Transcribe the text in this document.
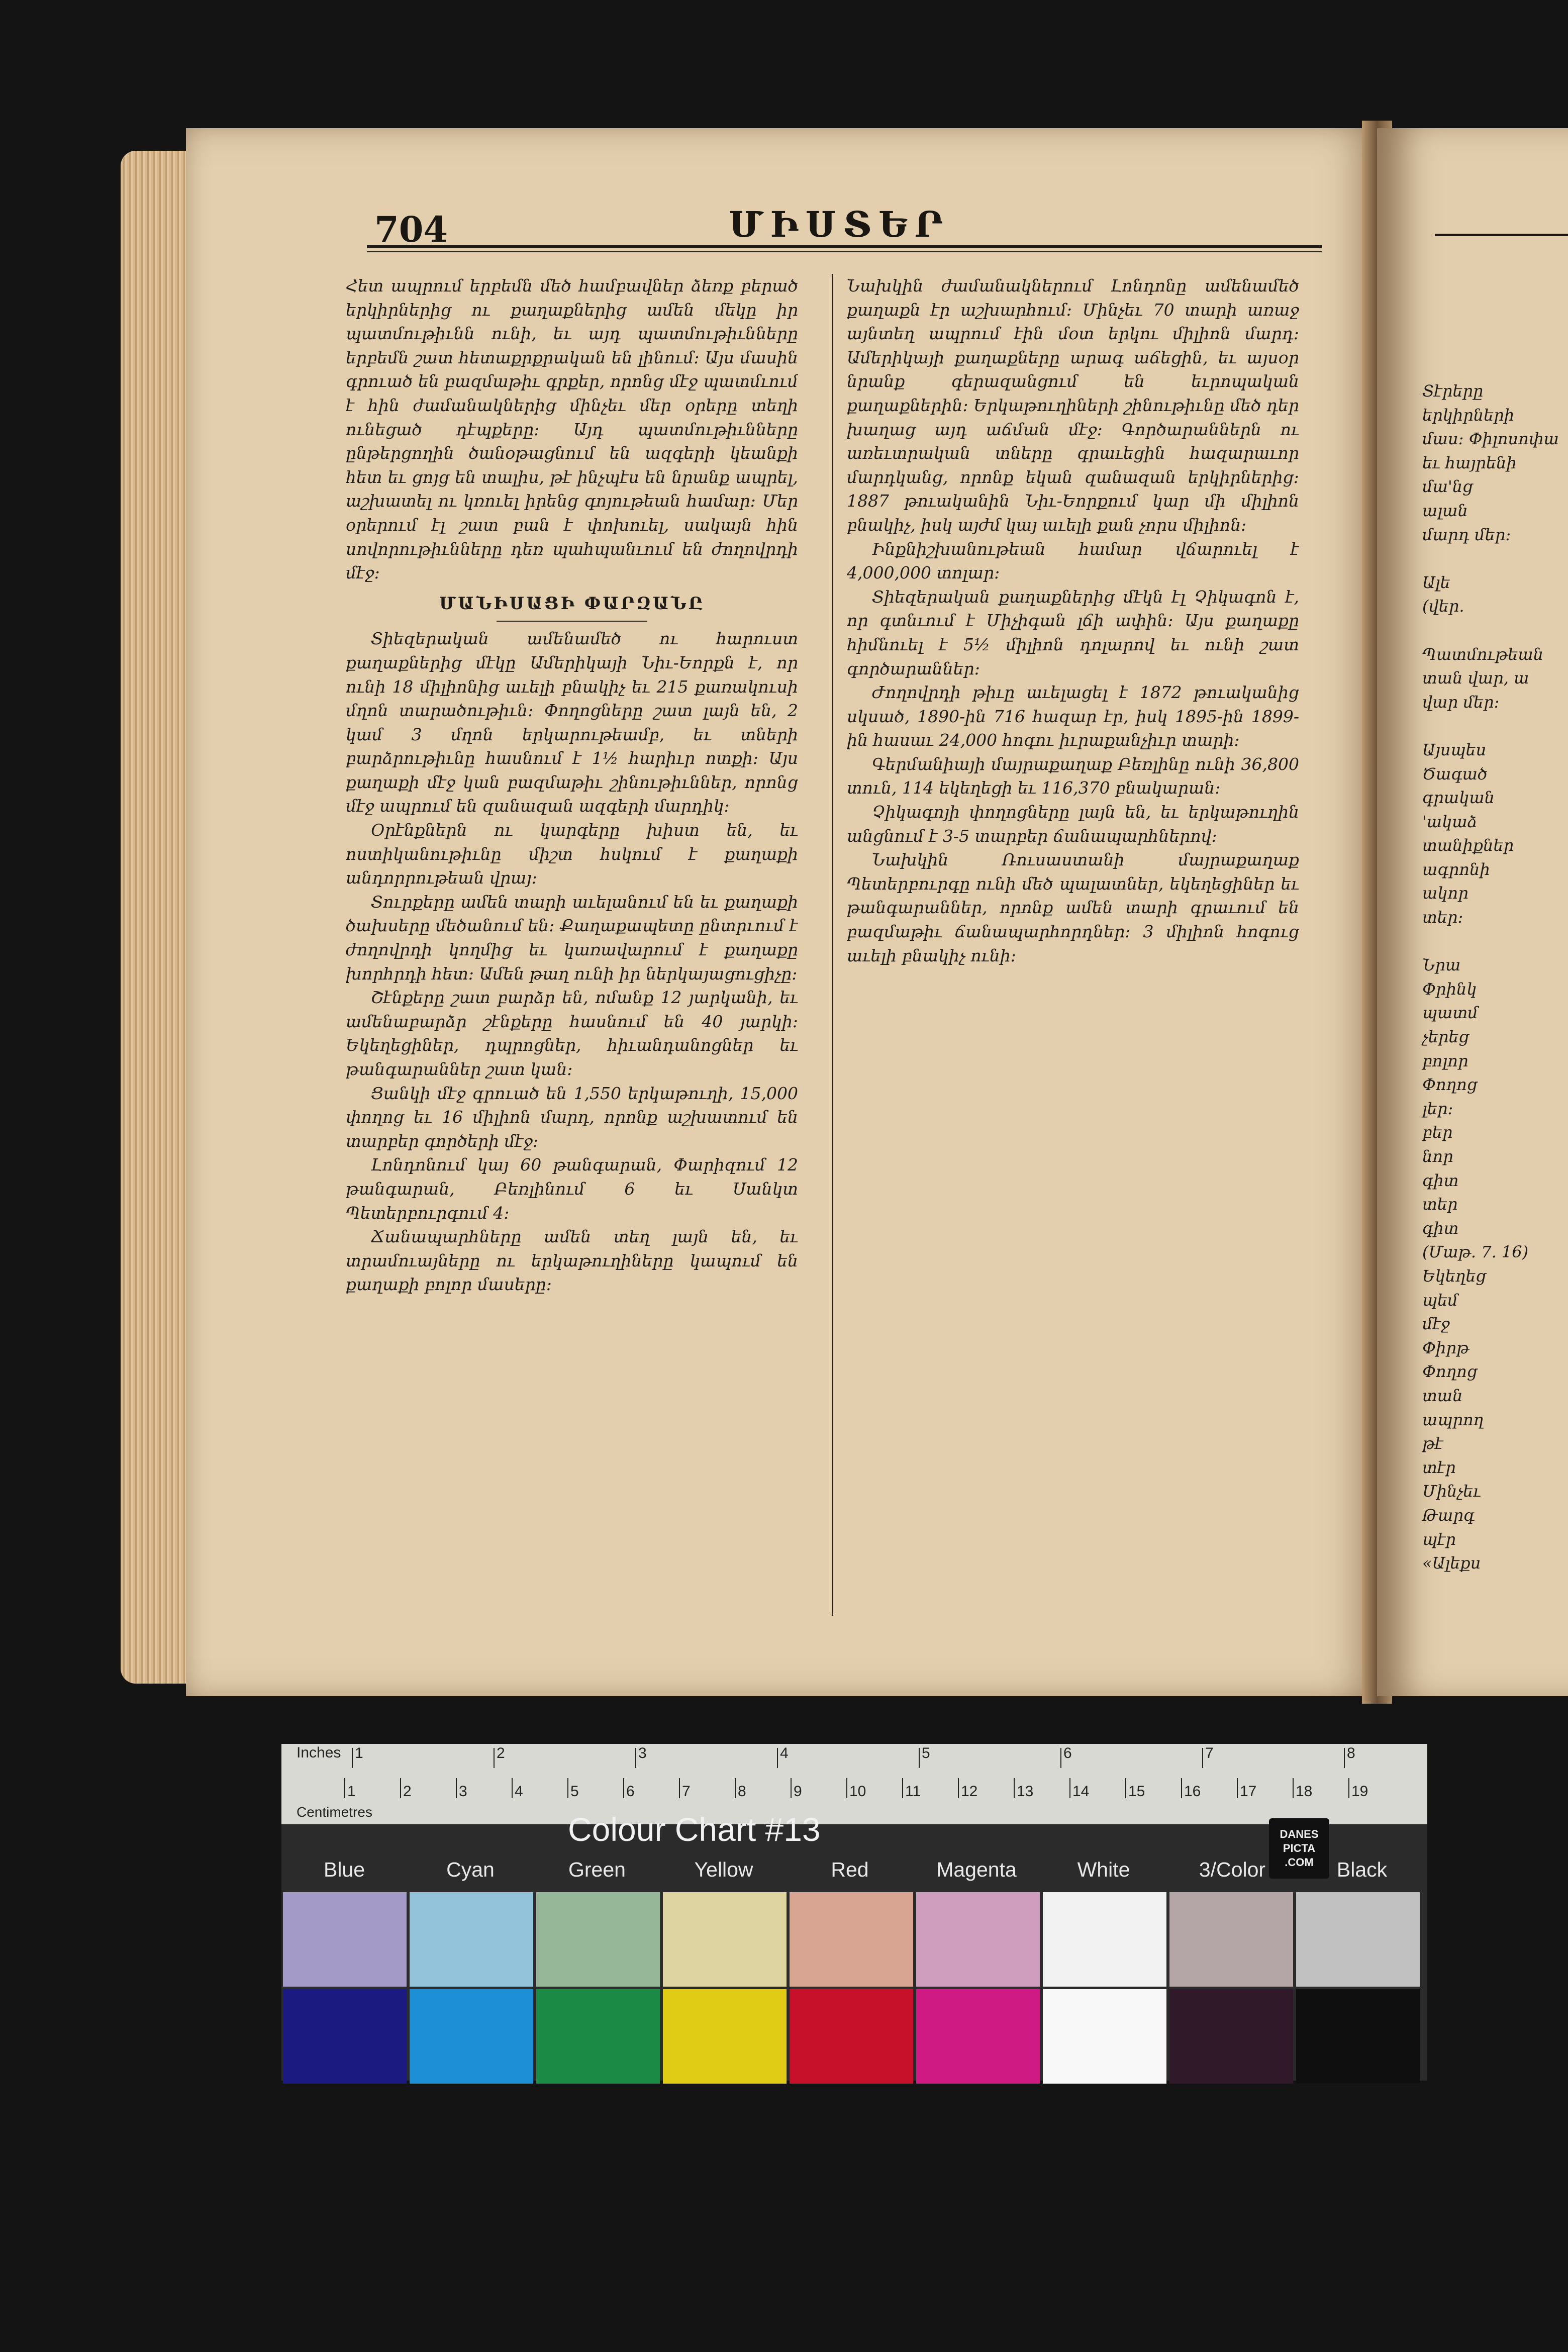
Տէրերը
երկիրների
մաս։ Փիլոսոփա
եւ հայրենի
մա'նց
ալան
մարդ մեր։

Ալե
(վեր.

Պատմութեան
տան վար, ա
վար մեր։

Այսպես
Ծագած
գրական
'ակաձ
տանիքներ
ագրոնի
ակոր
տեր։

Նրա
Փրինկ
պատմ
չերեց
բոլոր
Փողոց
լեր։
բեր
նոր
գիտ
տեր
գիտ
(Մաթ. 7. 16)
Եկեղեց
պեմ
մէջ
Փիրթ
Փողոց
տան
ապրող
թէ
տէր
Մինչեւ
Թարգ
պէր
«Ալեքս
704	ՄԻՍՏԵՐ

Հետ ապրում երբեմն մեծ համբավներ ձեռք բերած երկիրներից ու քաղաքներից ամեն մեկը իր պատմութիւնն ունի, եւ այդ պատմութիւնները երբեմն շատ հետաքրքրական են լինում։ Այս մասին գրուած են բազմաթիւ գրքեր, որոնց մէջ պատմւում է հին ժամանակներից մինչեւ մեր օրերը տեղի ունեցած դէպքերը։ Այդ պատմութիւնները ընթերցողին ծանօթացնում են ազգերի կեանքի հետ եւ ցոյց են տալիս, թէ ինչպէս են նրանք ապրել, աշխատել ու կռուել իրենց գոյութեան համար։ Մեր օրերում էլ շատ բան է փոխուել, սակայն հին սովորութիւնները դեռ պահպանւում են ժողովրդի մէջ։

ՄԱՆԻՍԱՑԻ ՓԱՐԶԱՆԸ

Տիեզերական ամենամեծ ու հարուստ քաղաքներից մէկը Ամերիկայի Նիւ-Եորքն է, որ ունի 18 միլիոնից աւելի բնակիչ եւ 215 քառակուսի մղոն տարածութիւն։ Փողոցները շատ լայն են, 2 կամ 3 մղոն երկարութեամբ, եւ տների բարձրութիւնը հասնում է 1½ հարիւր ոտքի։ Այս քաղաքի մէջ կան բազմաթիւ շինութիւններ, որոնց մէջ ապրում են զանազան ազգերի մարդիկ։

Օրէնքներն ու կարգերը խիստ են, եւ ոստիկանութիւնը միշտ հսկում է քաղաքի անդորրութեան վրայ։

Տուրքերը ամեն տարի աւելանում են եւ քաղաքի ծախսերը մեծանում են։ Քաղաքապետը ընտրւում է ժողովրդի կողմից եւ կառավարում է քաղաքը խորհրդի հետ։ Ամեն թաղ ունի իր ներկայացուցիչը։

Շէնքերը շատ բարձր են, ոմանք 12 յարկանի, եւ ամենաբարձր շէնքերը հասնում են 40 յարկի։ Եկեղեցիներ, դպրոցներ, հիւանդանոցներ եւ թանգարաններ շատ կան։

Ցանկի մէջ գրուած են 1,550 երկաթուղի, 15,000 փողոց եւ 16 միլիոն մարդ, որոնք աշխատում են տարբեր գործերի մէջ։

Լոնդոնում կայ 60 թանգարան, Փարիզում 12 թանգարան, Բեռլինում 6 եւ Սանկտ Պետերբուրգում 4։

Ճանապարհները ամեն տեղ լայն են, եւ տրամուայները ու երկաթուղիները կապում են քաղաքի բոլոր մասերը։

Նախկին ժամանակներում Լոնդոնը ամենամեծ քաղաքն էր աշխարհում։ Մինչեւ 70 տարի առաջ այնտեղ ապրում էին մօտ երկու միլիոն մարդ։ Ամերիկայի քաղաքները արագ աճեցին, եւ այսօր նրանք գերազանցում են եւրոպական քաղաքներին։ Երկաթուղիների շինութիւնը մեծ դեր խաղաց այդ աճման մէջ։ Գործարաններն ու առեւտրական տները գրաւեցին հազարաւոր մարդկանց, որոնք եկան զանազան երկիրներից։ 1887 թուականին Նիւ-Եորքում կար մի միլիոն բնակիչ, իսկ այժմ կայ աւելի քան չորս միլիոն։

Ինքնիշխանութեան համար վճարուել է 4,000,000 տոլար։

Տիեզերական քաղաքներից մէկն էլ Չիկագոն է, որ գտնւում է Միչիգան լճի ափին։ Այս քաղաքը հիմնուել է 5½ միլիոն դոլարով եւ ունի շատ գործարաններ։

Ժողովրդի թիւը աւելացել է 1872 թուականից սկսած, 1890-ին 716 հազար էր, իսկ 1895-ին 1899-ին հասաւ 24,000 հոգու իւրաքանչիւր տարի։

Գերմանիայի մայրաքաղաք Բեռլինը ունի 36,800 տուն, 114 եկեղեցի եւ 116,370 բնակարան։

Չիկագոյի փողոցները լայն են, եւ երկաթուղին անցնում է 3-5 տարբեր ճանապարհներով։

Նախկին Ռուսաստանի մայրաքաղաք Պետերբուրգը ունի մեծ պալատներ, եկեղեցիներ եւ թանգարաններ, որոնք ամեն տարի գրաւում են բազմաթիւ ճանապարհորդներ։ 3 միլիոն հոգուց աւելի բնակիչ ունի։

Inches
Centimetres
1	2	3	4	5	6	7	8
1	2	3	4	5	6	7	8	9	10	11	12	13	14	15	16	17	18	19
Colour Chart #13	DANES PICTA .COM
Blue	Cyan	Green	Yellow	Red	Magenta	White	3/Color	Black
